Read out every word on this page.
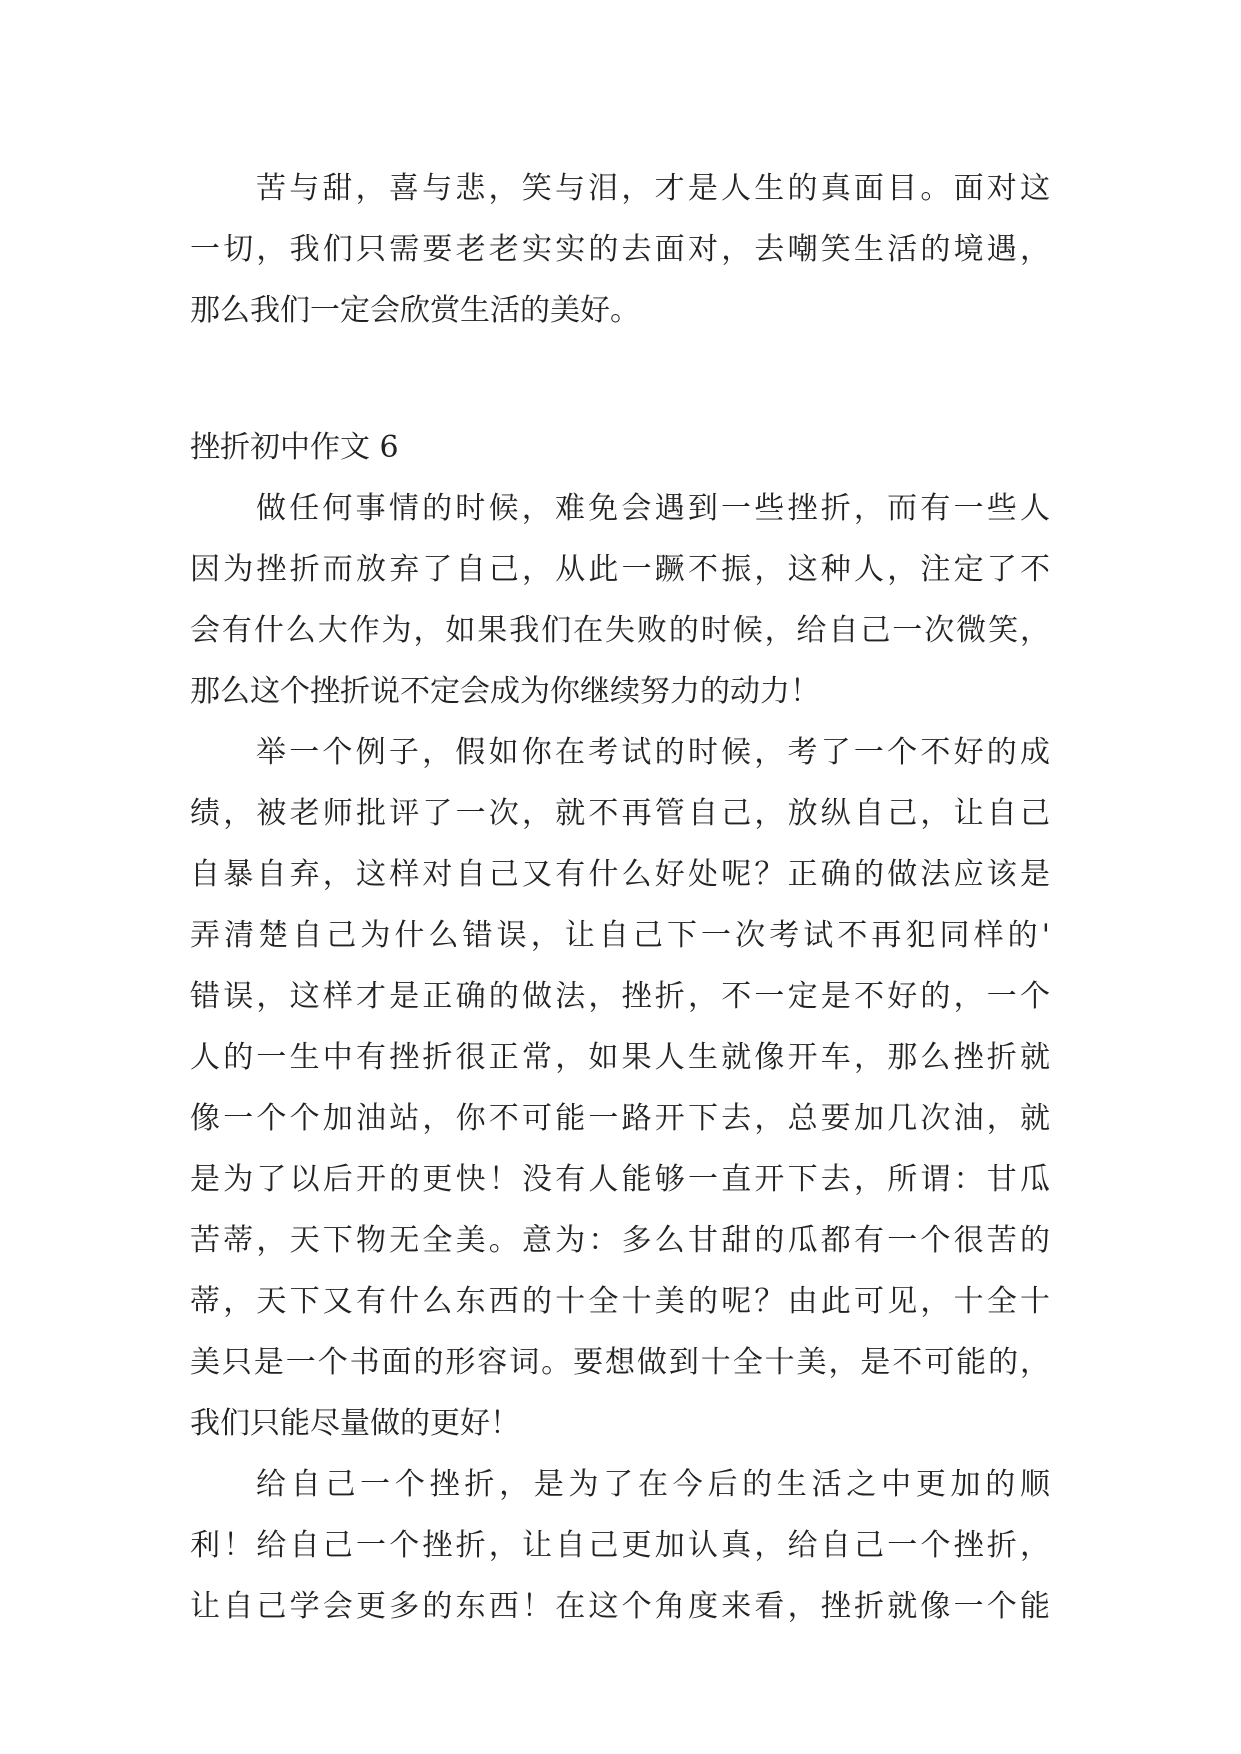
苦与甜，喜与悲，笑与泪，才是人生的真面目。面对这
一切，我们只需要老老实实的去面对，去嘲笑生活的境遇，
那么我们一定会欣赏生活的美好。
挫折初中作文 6
做任何事情的时候，难免会遇到一些挫折，而有一些人
因为挫折而放弃了自己，从此一蹶不振，这种人，注定了不
会有什么大作为，如果我们在失败的时候，给自己一次微笑，
那么这个挫折说不定会成为你继续努力的动力！
举一个例子，假如你在考试的时候，考了一个不好的成
绩，被老师批评了一次，就不再管自己，放纵自己，让自己
自暴自弃，这样对自己又有什么好处呢？正确的做法应该是
弄清楚自己为什么错误，让自己下一次考试不再犯同样的'
错误，这样才是正确的做法，挫折，不一定是不好的，一个
人的一生中有挫折很正常，如果人生就像开车，那么挫折就
像一个个加油站，你不可能一路开下去，总要加几次油，就
是为了以后开的更快！没有人能够一直开下去，所谓：甘瓜
苦蒂，天下物无全美。意为：多么甘甜的瓜都有一个很苦的
蒂，天下又有什么东西的十全十美的呢？由此可见，十全十
美只是一个书面的形容词。要想做到十全十美，是不可能的，
我们只能尽量做的更好！
给自己一个挫折，是为了在今后的生活之中更加的顺
利！给自己一个挫折，让自己更加认真，给自己一个挫折，
让自己学会更多的东西！在这个角度来看，挫折就像一个能
